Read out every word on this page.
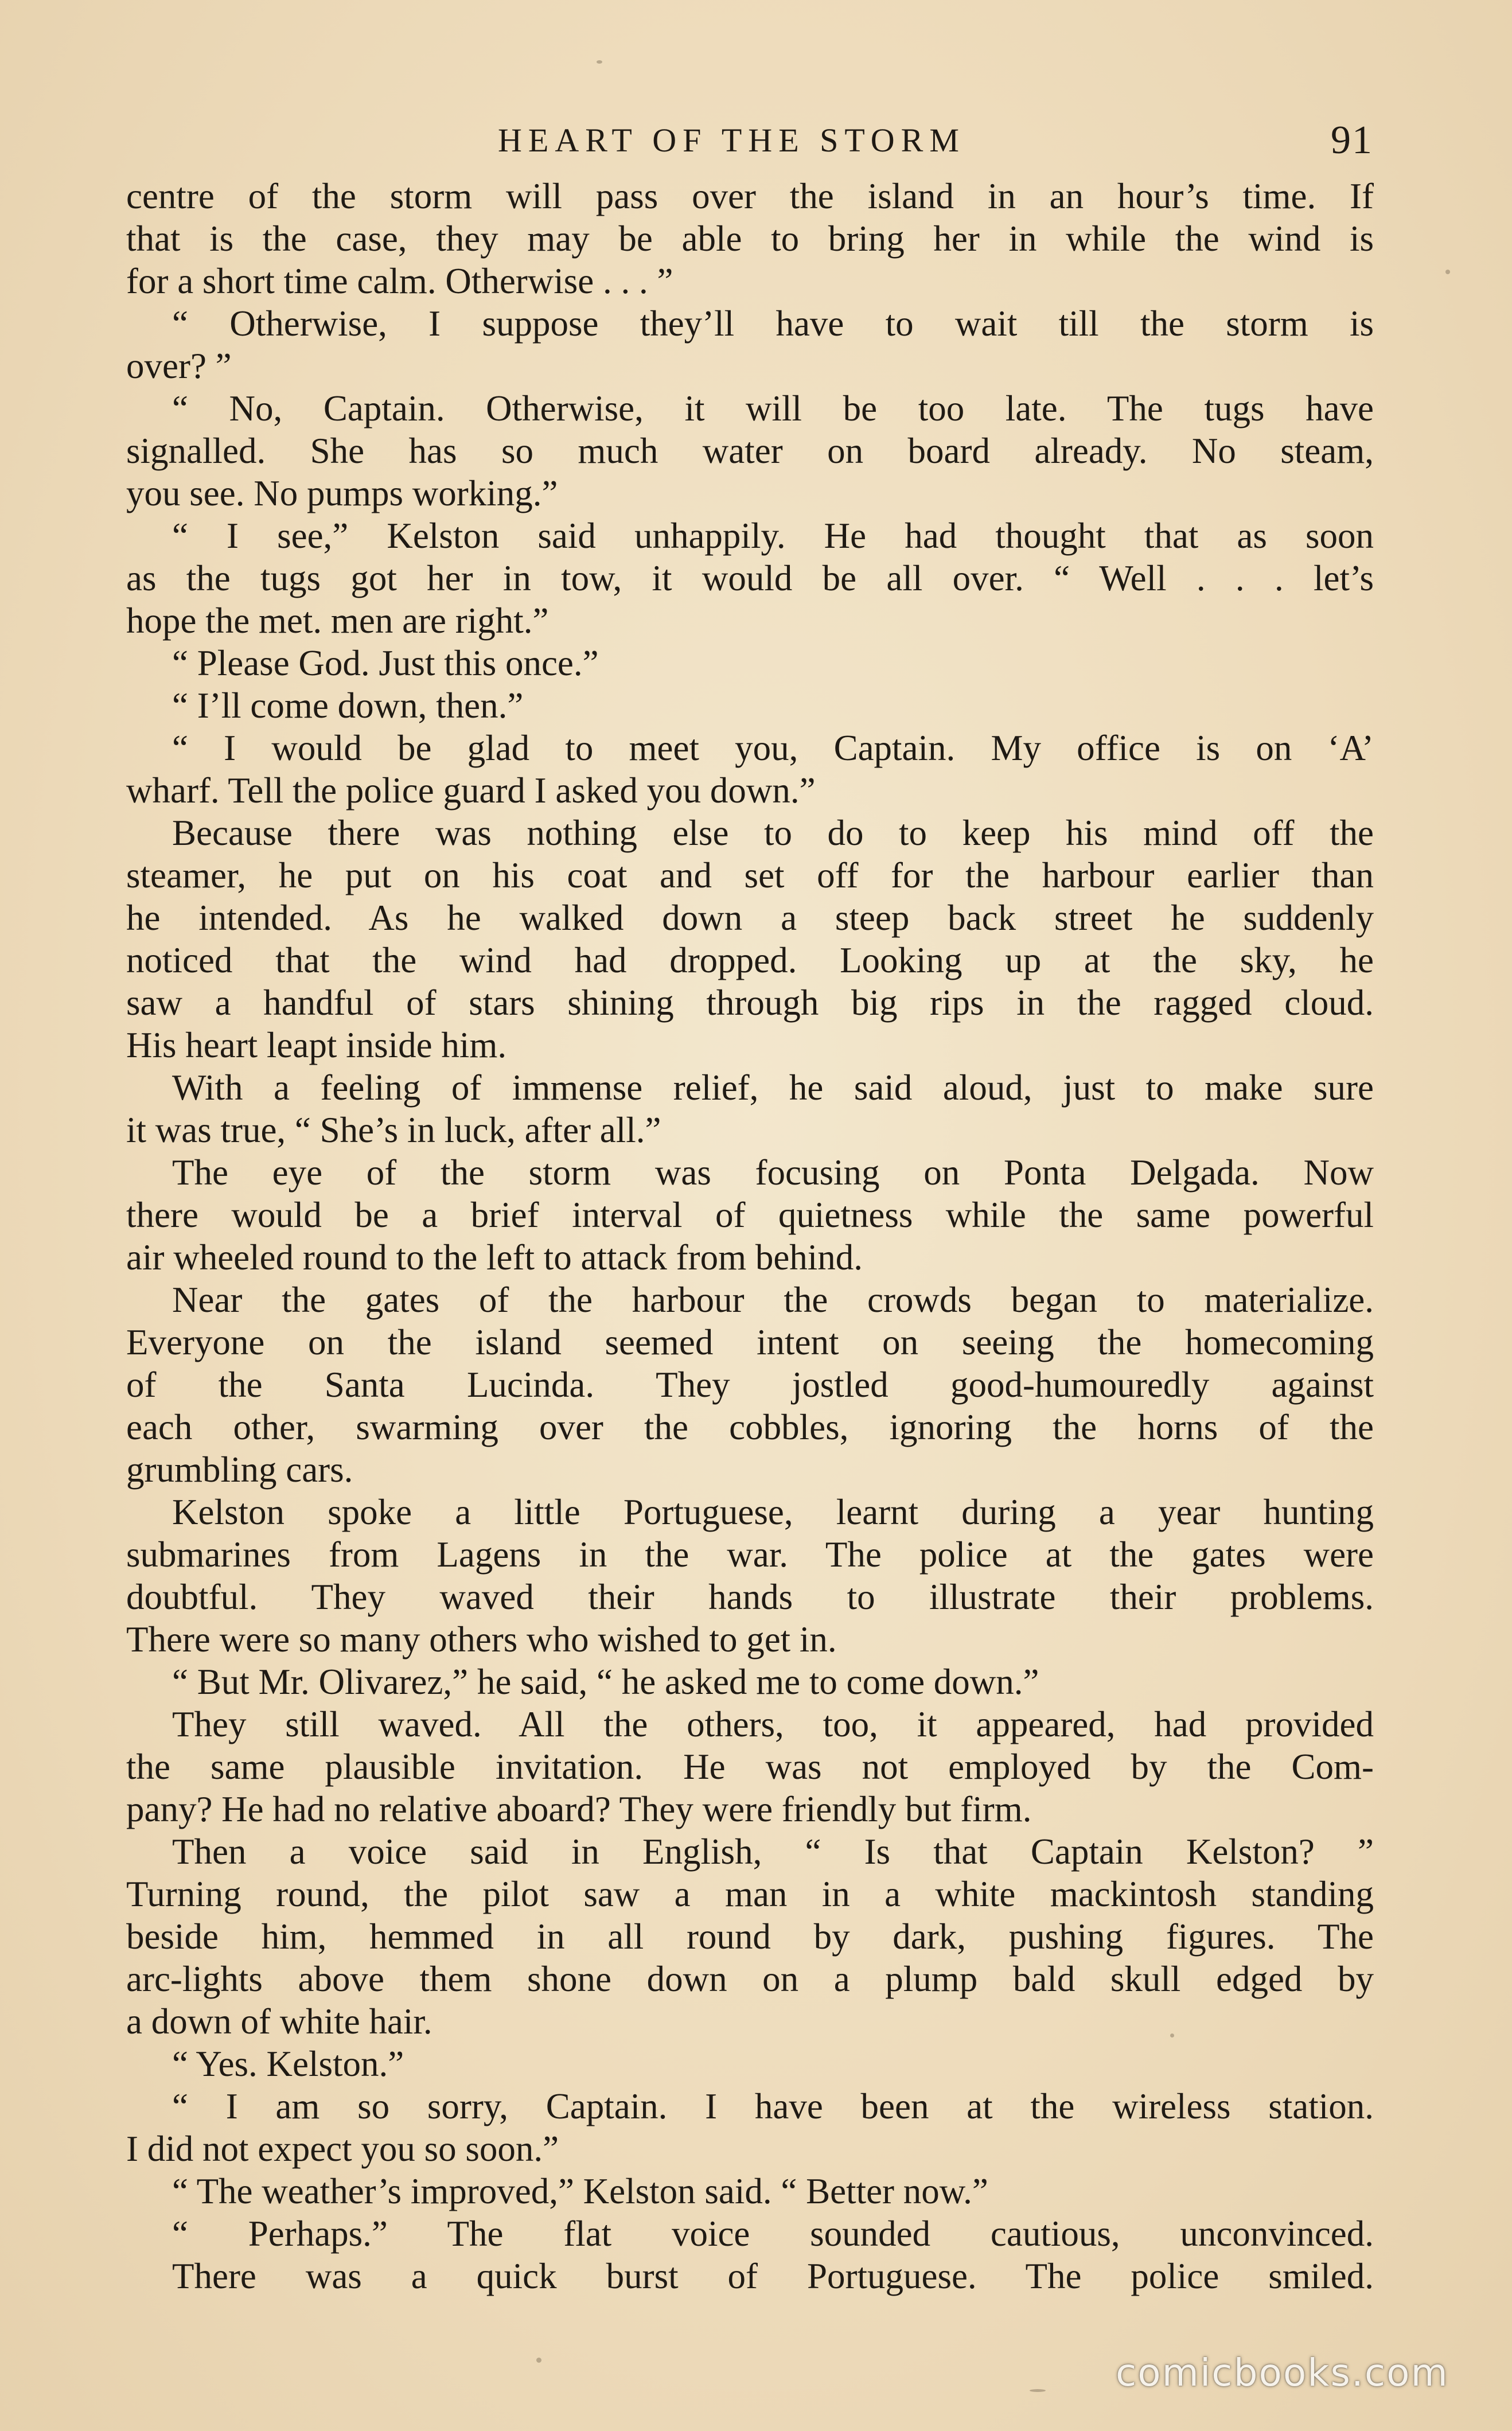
HEART OF THE STORM	91
centre of the storm will pass over the island in an hour’s time. If
that is the case, they may be able to bring her in while the wind is
for a short time calm. Otherwise . . . ”
“ Otherwise, I suppose they’ll have to wait till the storm is
over? ”
“ No, Captain. Otherwise, it will be too late. The tugs have
signalled. She has so much water on board already. No steam,
you see. No pumps working.”
“ I see,” Kelston said unhappily. He had thought that as soon
as the tugs got her in tow, it would be all over. “ Well . . . let’s
hope the met. men are right.”
“ Please God. Just this once.”
“ I’ll come down, then.”
“ I would be glad to meet you, Captain. My office is on ‘A’
wharf. Tell the police guard I asked you down.”
Because there was nothing else to do to keep his mind off the
steamer, he put on his coat and set off for the harbour earlier than
he intended. As he walked down a steep back street he suddenly
noticed that the wind had dropped. Looking up at the sky, he
saw a handful of stars shining through big rips in the ragged cloud.
His heart leapt inside him.
With a feeling of immense relief, he said aloud, just to make sure
it was true, “ She’s in luck, after all.”
The eye of the storm was focusing on Ponta Delgada. Now
there would be a brief interval of quietness while the same powerful
air wheeled round to the left to attack from behind.
Near the gates of the harbour the crowds began to materialize.
Everyone on the island seemed intent on seeing the homecoming
of the Santa Lucinda. They jostled good-humouredly against
each other, swarming over the cobbles, ignoring the horns of the
grumbling cars.
Kelston spoke a little Portuguese, learnt during a year hunting
submarines from Lagens in the war. The police at the gates were
doubtful. They waved their hands to illustrate their problems.
There were so many others who wished to get in.
“ But Mr. Olivarez,” he said, “ he asked me to come down.”
They still waved. All the others, too, it appeared, had provided
the same plausible invitation. He was not employed by the Com-
pany? He had no relative aboard? They were friendly but firm.
Then a voice said in English, “ Is that Captain Kelston? ”
Turning round, the pilot saw a man in a white mackintosh standing
beside him, hemmed in all round by dark, pushing figures. The
arc-lights above them shone down on a plump bald skull edged by
a down of white hair.
“ Yes. Kelston.”
“ I am so sorry, Captain. I have been at the wireless station.
I did not expect you so soon.”
“ The weather’s improved,” Kelston said. “ Better now.”
“ Perhaps.” The flat voice sounded cautious, unconvinced.
There was a quick burst of Portuguese. The police smiled.
comicbooks.com
